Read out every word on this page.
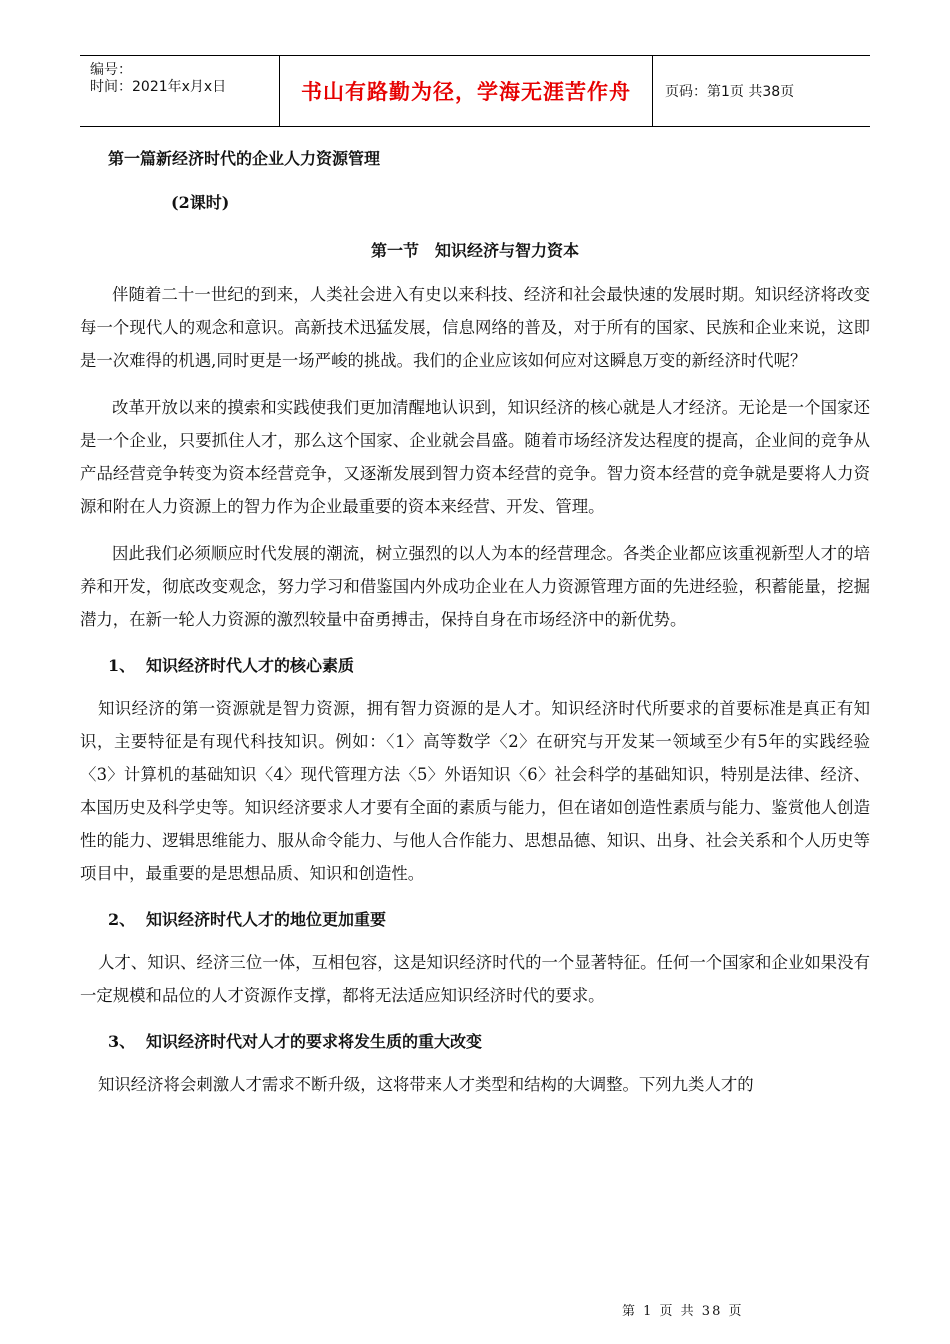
编号：
时间：2021年x月x日	书山有路勤为径，学海无涯苦作舟	页码：第1页 共38页
第一篇新经济时代的企业人力资源管理
(2课时)
第一节　知识经济与智力资本

伴随着二十一世纪的到来，人类社会进入有史以来科技、经济和社会最快速的发展时期。知识经济将改变每一个现代人的观念和意识。高新技术迅猛发展，信息网络的普及，对于所有的国家、民族和企业来说，这即是一次难得的机遇,同时更是一场严峻的挑战。我们的企业应该如何应对这瞬息万变的新经济时代呢？

改革开放以来的摸索和实践使我们更加清醒地认识到，知识经济的核心就是人才经济。无论是一个国家还是一个企业，只要抓住人才，那么这个国家、企业就会昌盛。随着市场经济发达程度的提高，企业间的竞争从产品经营竞争转变为资本经营竞争，又逐渐发展到智力资本经营的竞争。智力资本经营的竞争就是要将人力资源和附在人力资源上的智力作为企业最重要的资本来经营、开发、管理。

因此我们必须顺应时代发展的潮流，树立强烈的以人为本的经营理念。各类企业都应该重视新型人才的培养和开发，彻底改变观念，努力学习和借鉴国内外成功企业在人力资源管理方面的先进经验，积蓄能量，挖掘潜力，在新一轮人力资源的激烈较量中奋勇搏击，保持自身在市场经济中的新优势。

1、 知识经济时代人才的核心素质

知识经济的第一资源就是智力资源，拥有智力资源的是人才。知识经济时代所要求的首要标准是真正有知识，主要特征是有现代科技知识。例如：〈1〉高等数学〈2〉在研究与开发某一领域至少有5年的实践经验〈3〉计算机的基础知识〈4〉现代管理方法〈5〉外语知识〈6〉社会科学的基础知识，特别是法律、经济、本国历史及科学史等。知识经济要求人才要有全面的素质与能力，但在诸如创造性素质与能力、鉴赏他人创造性的能力、逻辑思维能力、服从命令能力、与他人合作能力、思想品德、知识、出身、社会关系和个人历史等项目中，最重要的是思想品质、知识和创造性。

2、 知识经济时代人才的地位更加重要

人才、知识、经济三位一体，互相包容，这是知识经济时代的一个显著特征。任何一个国家和企业如果没有一定规模和品位的人才资源作支撑，都将无法适应知识经济时代的要求。

3、 知识经济时代对人才的要求将发生质的重大改变

知识经济将会刺激人才需求不断升级，这将带来人才类型和结构的大调整。下列九类人才的

第 1 页 共 38 页
